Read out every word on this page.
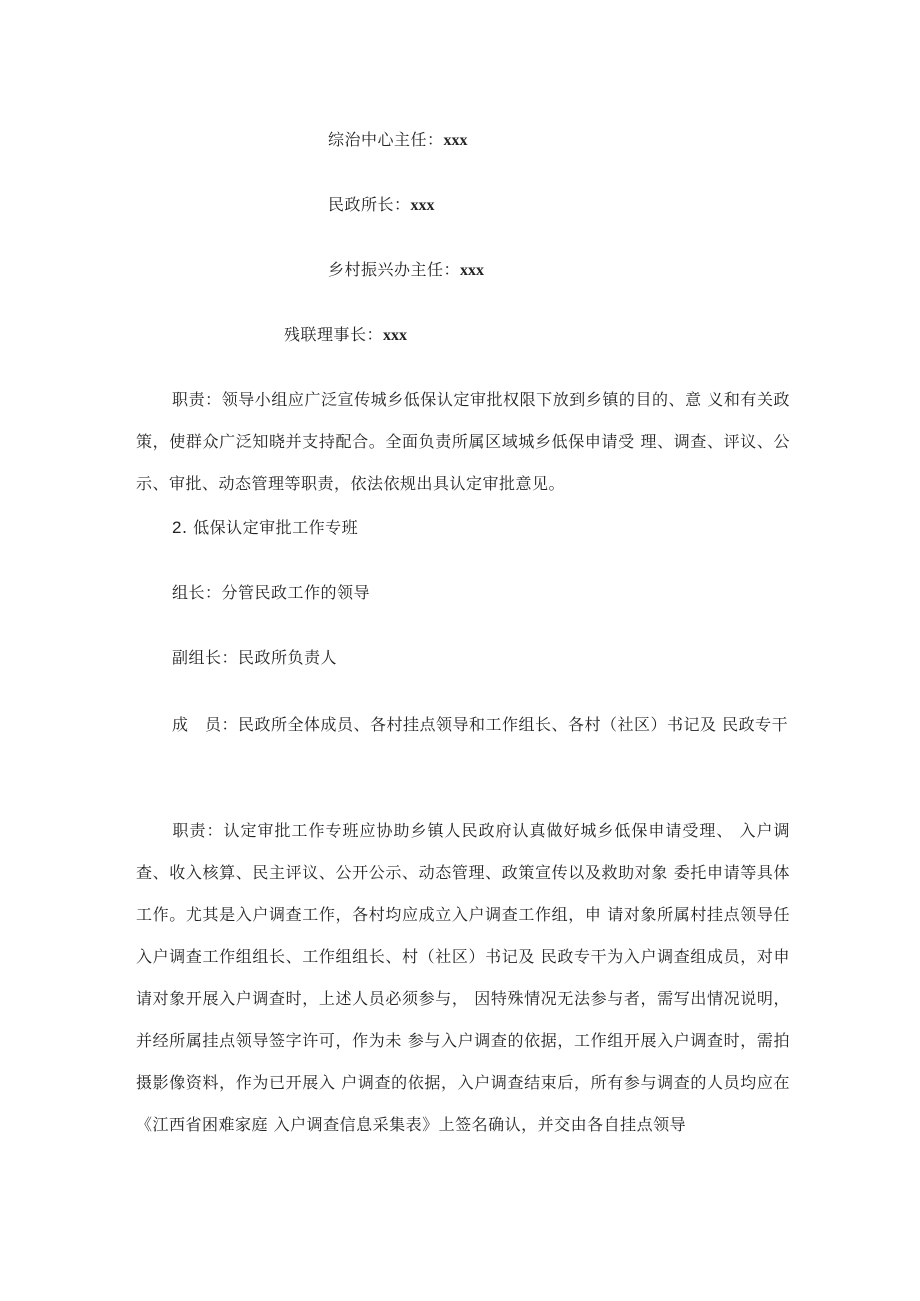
综治中心主任：xxx
民政所长：xxx
乡村振兴办主任：xxx
残联理事长：xxx
职责：领导小组应广泛宣传城乡低保认定审批权限下放到乡镇的目的、意 义和有关政策，使群众广泛知晓并支持配合。全面负责所属区域城乡低保申请受 理、调查、评议、公示、审批、动态管理等职责，依法依规出具认定审批意见。
2. 低保认定审批工作专班
组长：分管民政工作的领导
副组长：民政所负责人
成　员：民政所全体成员、各村挂点领导和工作组长、各村（社区）书记及 民政专干
职责：认定审批工作专班应协助乡镇人民政府认真做好城乡低保申请受理、 入户调查、收入核算、民主评议、公开公示、动态管理、政策宣传以及救助对象 委托申请等具体工作。尤其是入户调查工作，各村均应成立入户调查工作组，申 请对象所属村挂点领导任入户调查工作组组长、工作组组长、村（社区）书记及 民政专干为入户调查组成员，对申请对象开展入户调查时，上述人员必须参与， 因特殊情况无法参与者，需写出情况说明，并经所属挂点领导签字许可，作为未 参与入户调查的依据，工作组开展入户调查时，需拍摄影像资料，作为已开展入 户调查的依据，入户调查结束后，所有参与调查的人员均应在《江西省困难家庭 入户调查信息采集表》上签名确认，并交由各自挂点领导
